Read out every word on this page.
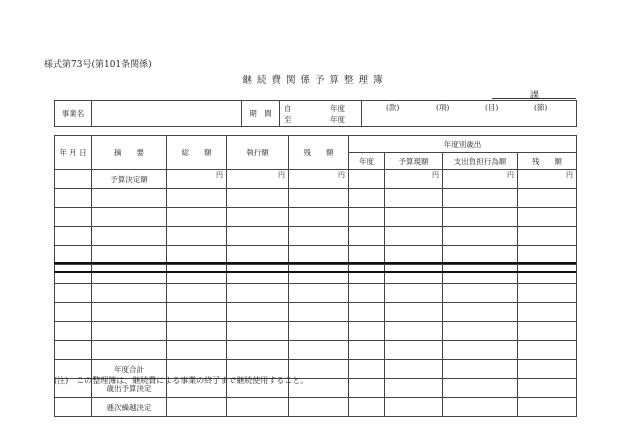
様式第73号(第101条関係)
継続費関係予算整理簿
課
事業名		期　間	
自	年度
至	年度

(款)	(項)	(目)	(節)
年 月 日	摘　　要	総　　額	執行額	残　　額	年度別歳出			
					年度	予算現額	支出負担行為額	残　　額
	予算決定額	円	円	円		円	円	円

	年度合計							
	歳出予算決定							
	逓次繰越決定							
(注)　この整理簿は、継続費による事業の終了まで継続使用すること。
